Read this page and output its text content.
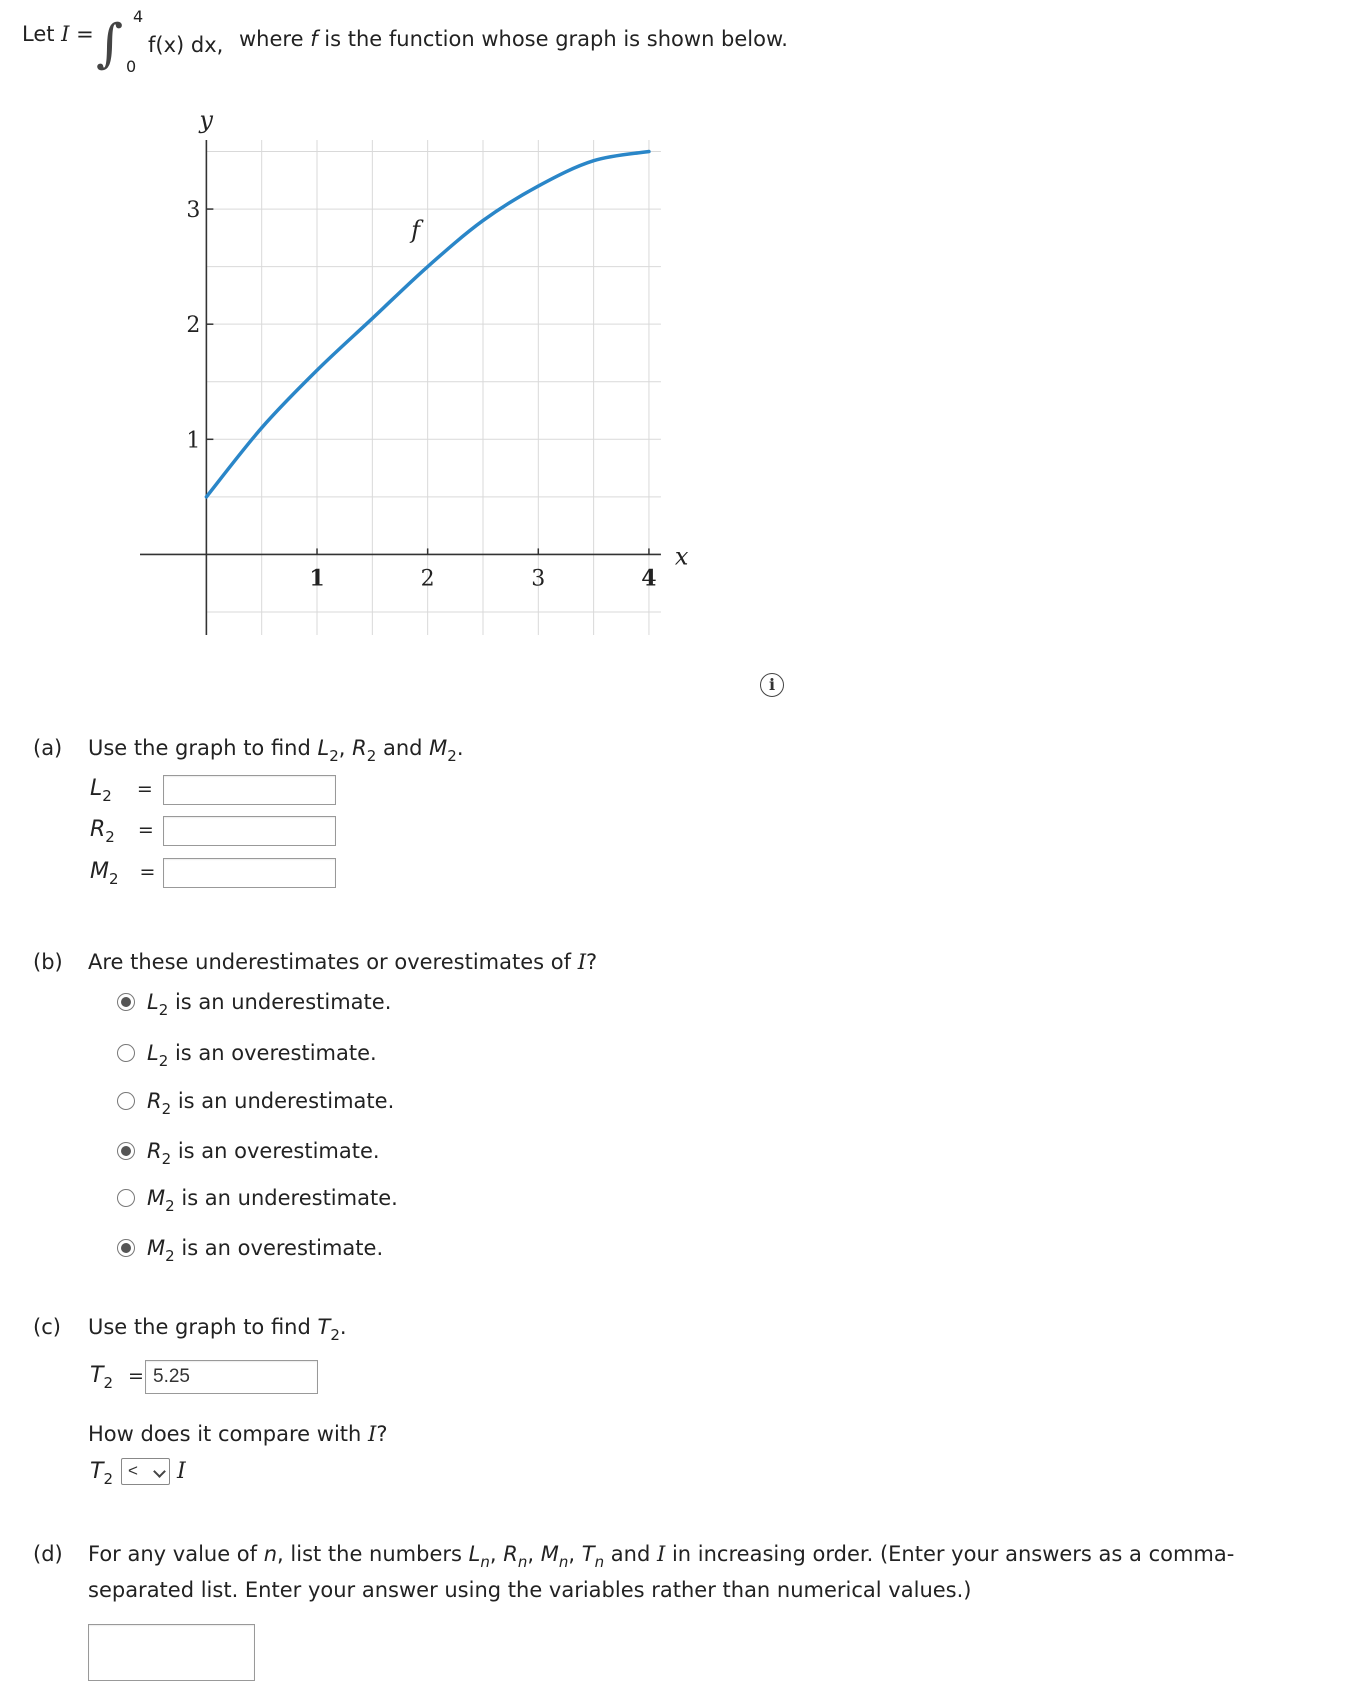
Let I = ∫ 4
0
f(x) dx, where f is the function whose graph is shown below.
1	2	3	4
1
2
3
f
x
y
i
(a) Use the graph to find $L_2$, $R_2$ and $M_2$.
$L_2$ =
$R_2$ =
$M_2$ =
(b) Are these underestimates or overestimates of I?
$L_2$ is an underestimate.
$L_2$ is an overestimate.
$R_2$ is an underestimate.
$R_2$ is an overestimate.
$M_2$ is an underestimate.
$M_2$ is an overestimate.
(c) Use the graph to find $T_2$.
$T_2 = 5.25$
How does it compare with I?
$T_2$ <	I
(d) For any value of n, list the numbers $L_n$, $R_n$, $M_n$, $T_n$ and I in increasing order. (Enter your answers as a comma-
separated list. Enter your answer using the variables rather than numerical values.)
